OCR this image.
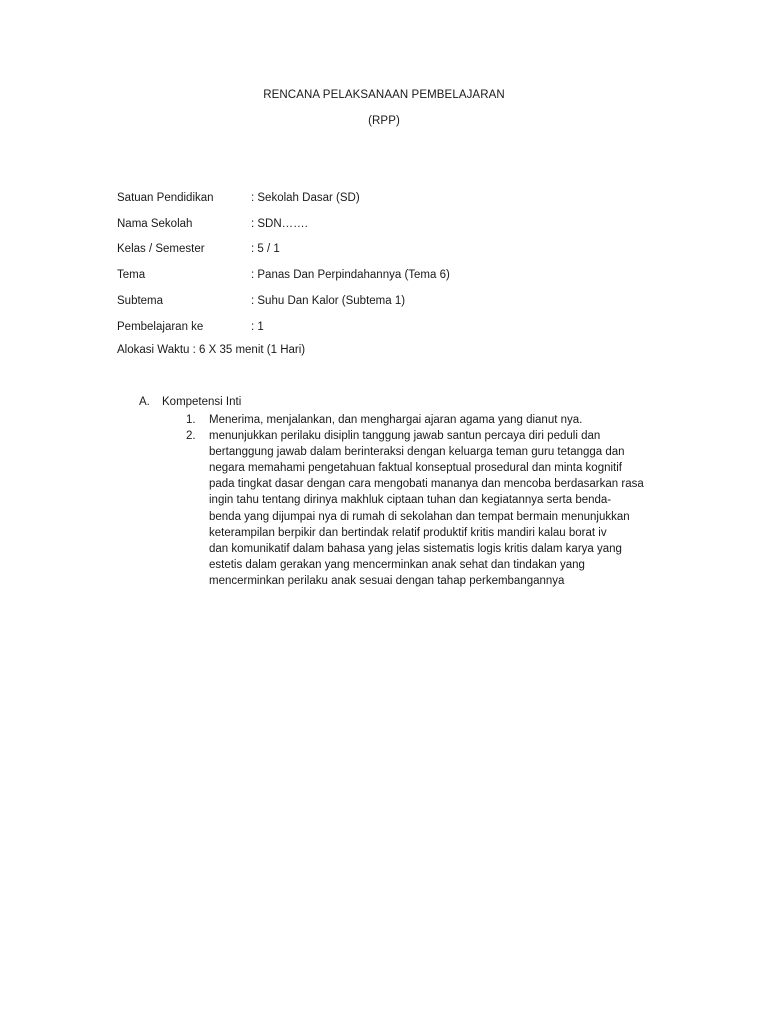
RENCANA PELAKSANAAN PEMBELAJARAN
(RPP)
Satuan Pendidikan	: Sekolah Dasar (SD)
Nama Sekolah	: SDN…….
Kelas / Semester	: 5 / 1
Tema	: Panas Dan Perpindahannya (Tema 6)
Subtema	: Suhu Dan Kalor (Subtema 1)
Pembelajaran ke	: 1
Alokasi Waktu : 6 X 35 menit (1 Hari)
A. Kompetensi Inti
1. Menerima, menjalankan, dan menghargai ajaran agama yang dianut nya.
2. menunjukkan perilaku disiplin tanggung jawab santun percaya diri peduli dan
bertanggung jawab dalam berinteraksi dengan keluarga teman guru tetangga dan
negara memahami pengetahuan faktual konseptual prosedural dan minta kognitif
pada tingkat dasar dengan cara mengobati mananya dan mencoba berdasarkan rasa
ingin tahu tentang dirinya makhluk ciptaan tuhan dan kegiatannya serta benda-
benda yang dijumpai nya di rumah di sekolahan dan tempat bermain menunjukkan
keterampilan berpikir dan bertindak relatif produktif kritis mandiri kalau borat iv
dan komunikatif dalam bahasa yang jelas sistematis logis kritis dalam karya yang
estetis dalam gerakan yang mencerminkan anak sehat dan tindakan yang
mencerminkan perilaku anak sesuai dengan tahap perkembangannya
